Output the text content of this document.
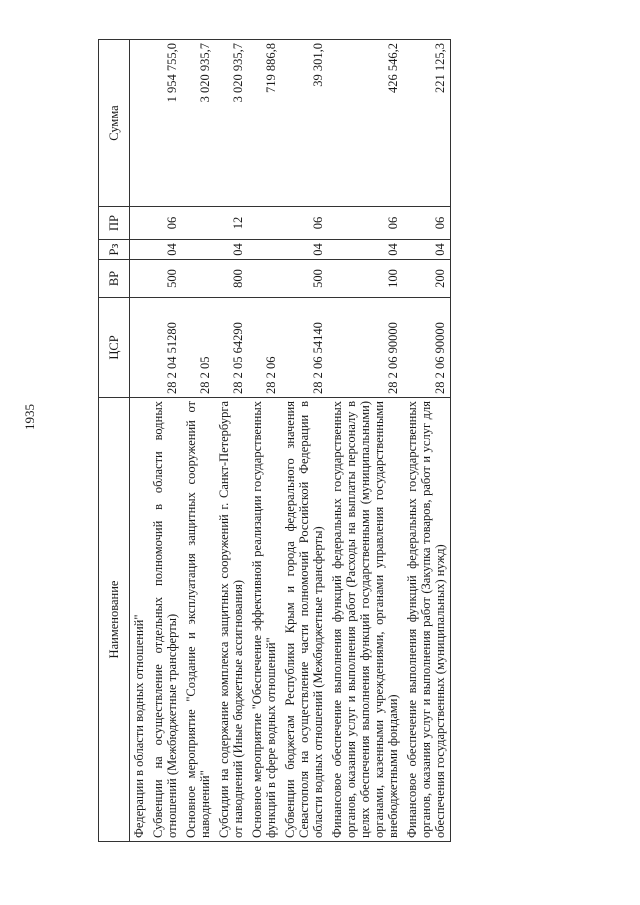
1935
Наименование	ЦСР	ВР	Рз	ПР	Сумма
Федерации в области водных отношений"					
Субвенции на осуществление отдельных полномочий в области водных отношений (Межбюджетные трансферты)	28 2 04 51280	500	04	06	1 954 755,0
Основное мероприятие "Создание и эксплуатация защитных сооружений от наводнений"	28 2 05				3 020 935,7
Субсидии на содержание комплекса защитных сооружений г. Санкт-Петербурга от наводнений (Иные бюджетные ассигнования)	28 2 05 64290	800	04	12	3 020 935,7
Основное мероприятие "Обеспечение эффективной реализации государственных функций в сфере водных отношений"	28 2 06				719 886,8
Субвенции бюджетам Республики Крым и города федерального значения Севастополя на осуществление части полномочий Российской Федерации в области водных отношений (Межбюджетные трансферты)	28 2 06 54140	500	04	06	39 301,0
Финансовое обеспечение выполнения функций федеральных государственных органов, оказания услуг и выполнения работ (Расходы на выплаты персоналу в целях обеспечения выполнения функций государственными (муниципальными) органами, казенными учреждениями, органами управления государственными внебюджетными фондами)	28 2 06 90000	100	04	06	426 546,2
Финансовое обеспечение выполнения функций федеральных государственных органов, оказания услуг и выполнения работ (Закупка товаров, работ и услуг для обеспечения государственных (муниципальных) нужд)	28 2 06 90000	200	04	06	221 125,3
